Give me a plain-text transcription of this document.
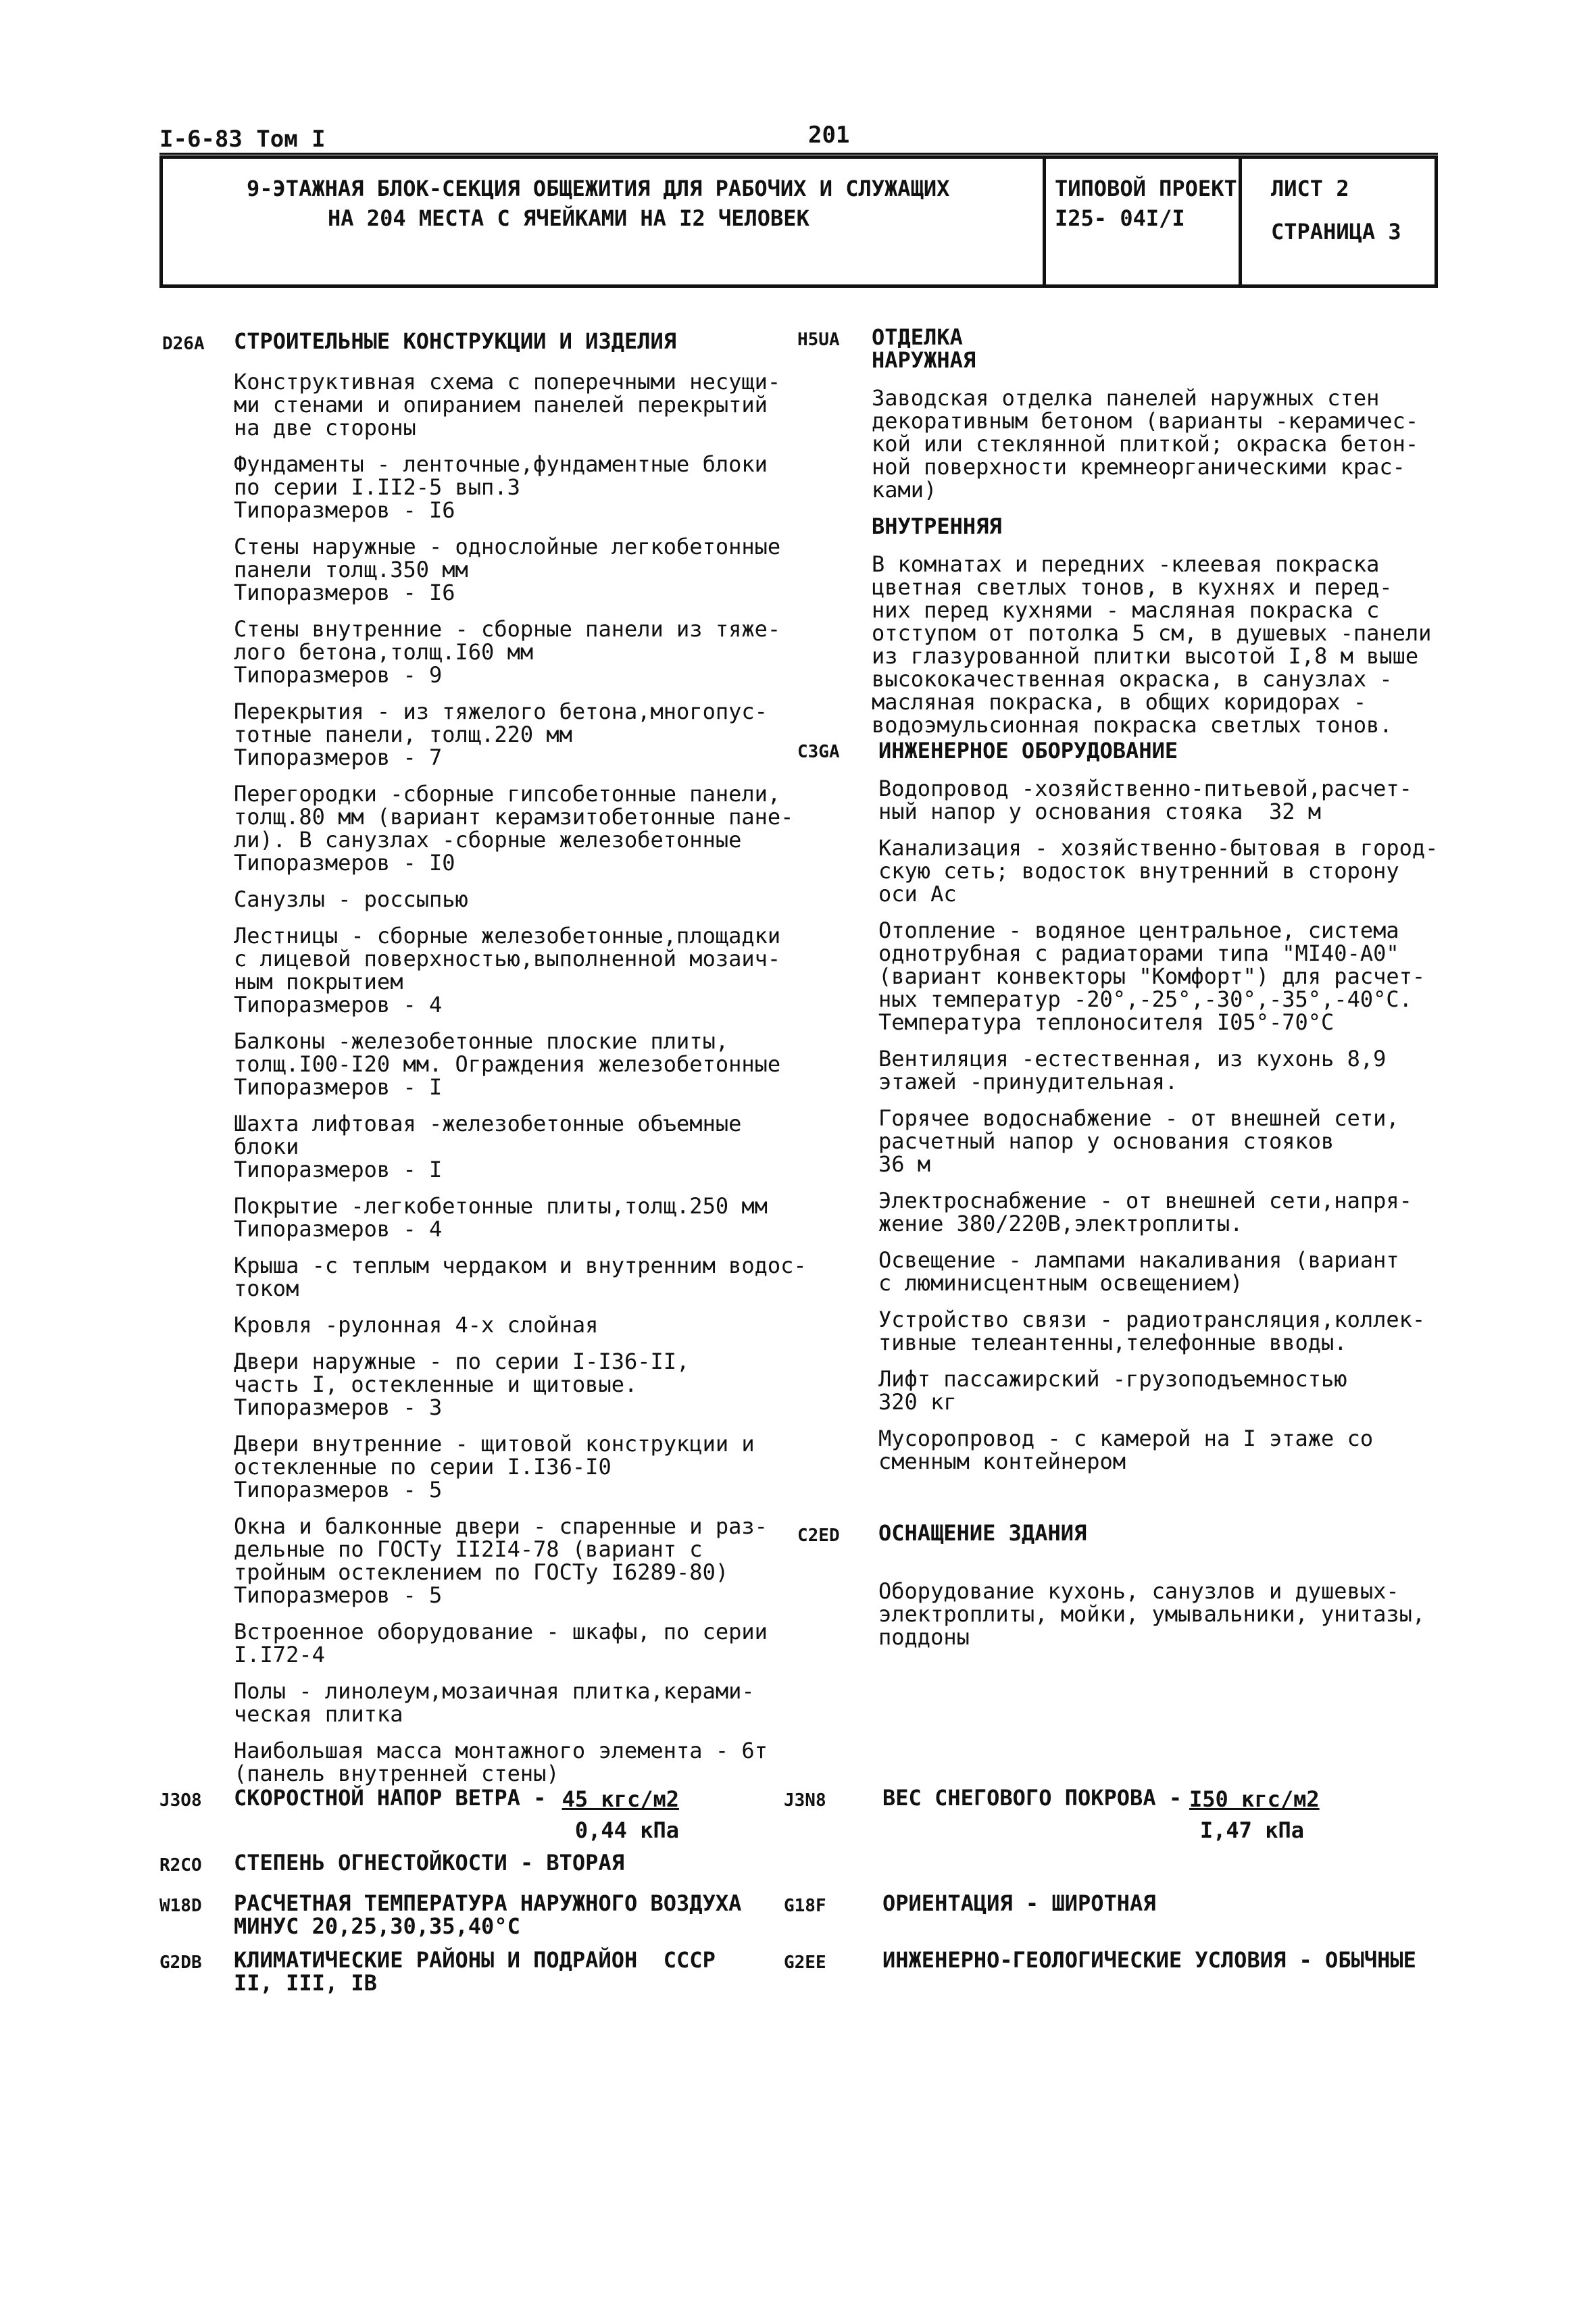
I-6-83 Том I	201
9-ЭТАЖНАЯ БЛОК-СЕКЦИЯ ОБЩЕЖИТИЯ ДЛЯ РАБОЧИХ И СЛУЖАЩИХ
НА 204 МЕСТА С ЯЧЕЙКАМИ НА I2 ЧЕЛОВЕК
ТИПОВОЙ ПРОЕКТ
I25- 04I/I
ЛИСТ 2
СТРАНИЦА 3
D26A СТРОИТЕЛЬНЫЕ КОНСТРУКЦИИ И ИЗДЕЛИЯ

Конструктивная схема с поперечными несущи-
ми стенами и опиранием панелей перекрытий
на две стороны

Фундаменты - ленточные,фундаментные блоки
по серии I.II2-5 вып.3
Типоразмеров - I6

Стены наружные - однослойные легкобетонные
панели толщ.350 мм
Типоразмеров - I6

Стены внутренние - сборные панели из тяже-
лого бетона,толщ.I60 мм
Типоразмеров - 9

Перекрытия - из тяжелого бетона,многопус-
тотные панели, толщ.220 мм
Типоразмеров - 7

Перегородки -сборные гипсобетонные панели,
толщ.80 мм (вариант керамзитобетонные пане-
ли). В санузлах -сборные железобетонные
Типоразмеров - I0

Санузлы - россыпью

Лестницы - сборные железобетонные,площадки
с лицевой поверхностью,выполненной мозаич-
ным покрытием
Типоразмеров - 4

Балконы -железобетонные плоские плиты,
толщ.I00-I20 мм. Ограждения железобетонные
Типоразмеров - I

Шахта лифтовая -железобетонные объемные
блоки
Типоразмеров - I

Покрытие -легкобетонные плиты,толщ.250 мм
Типоразмеров - 4

Крыша -с теплым чердаком и внутренним водос-
током

Кровля -рулонная 4-х слойная

Двери наружные - по серии I-I36-II,
часть I, остекленные и щитовые.
Типоразмеров - 3

Двери внутренние - щитовой конструкции и
остекленные по серии I.I36-I0
Типоразмеров - 5

Окна и балконные двери - спаренные и раз-
дельные по ГОСТу II2I4-78 (вариант с
тройным остеклением по ГОСТу I6289-80)
Типоразмеров - 5

Встроенное оборудование - шкафы, по серии
I.I72-4

Полы - линолеум,мозаичная плитка,керами-
ческая плитка

Наибольшая масса монтажного элемента - 6т
(панель внутренней стены)

H5UA ОТДЕЛКА
НАРУЖНАЯ

Заводская отделка панелей наружных стен
декоративным бетоном (варианты -керамичес-
кой или стеклянной плиткой; окраска бетон-
ной поверхности кремнеорганическими крас-
ками)

ВНУТРЕННЯЯ

В комнатах и передних -клеевая покраска
цветная светлых тонов, в кухнях и перед-
них перед кухнями - масляная покраска с
отступом от потолка 5 см, в душевых -панели
из глазурованной плитки высотой I,8 м выше
высококачественная окраска, в санузлах -
масляная покраска, в общих коридорах -
водоэмульсионная покраска светлых тонов.

C3GA ИНЖЕНЕРНОЕ ОБОРУДОВАНИЕ

Водопровод -хозяйственно-питьевой,расчет-
ный напор у основания стояка  32 м

Канализация - хозяйственно-бытовая в город-
скую сеть; водосток внутренний в сторону
оси Ас

Отопление - водяное центральное, система
однотрубная с радиаторами типа "МI40-А0"
(вариант конвекторы "Комфорт") для расчет-
ных температур -20°,-25°,-30°,-35°,-40°С.
Температура теплоносителя I05°-70°С

Вентиляция -естественная, из кухонь 8,9
этажей -принудительная.

Горячее водоснабжение - от внешней сети,
расчетный напор у основания стояков
36 м

Электроснабжение - от внешней сети,напря-
жение 380/220В,электроплиты.

Освещение - лампами накаливания (вариант
с люминисцентным освещением)

Устройство связи - радиотрансляция,коллек-
тивные телеантенны,телефонные вводы.

Лифт пассажирский -грузоподъемностью
320 кг

Мусоропровод - с камерой на I этаже со
сменным контейнером

C2ED ОСНАЩЕНИЕ ЗДАНИЯ

Оборудование кухонь, санузлов и душевых-
электроплиты, мойки, умывальники, унитазы,
поддоны

J3O8 СКОРОСТНОЙ НАПОР ВЕТРА - 45 кгс/м2
0,44 кПа
J3N8	ВЕС СНЕГОВОГО ПОКРОВА -
I50 кгс/м2
I,47 кПа
R2CO СТЕПЕНЬ ОГНЕСТОЙКОСТИ - ВТОРАЯ
W18D РАСЧЕТНАЯ ТЕМПЕРАТУРА НАРУЖНОГО ВОЗДУХА
МИНУС 20,25,30,35,40°С
G18F	ОРИЕНТАЦИЯ - ШИРОТНАЯ
G2DB КЛИМАТИЧЕСКИЕ РАЙОНЫ И ПОДРАЙОН  СССР
II, III, IВ
G2EE	ИНЖЕНЕРНО-ГЕОЛОГИЧЕСКИЕ УСЛОВИЯ - ОБЫЧНЫЕ
